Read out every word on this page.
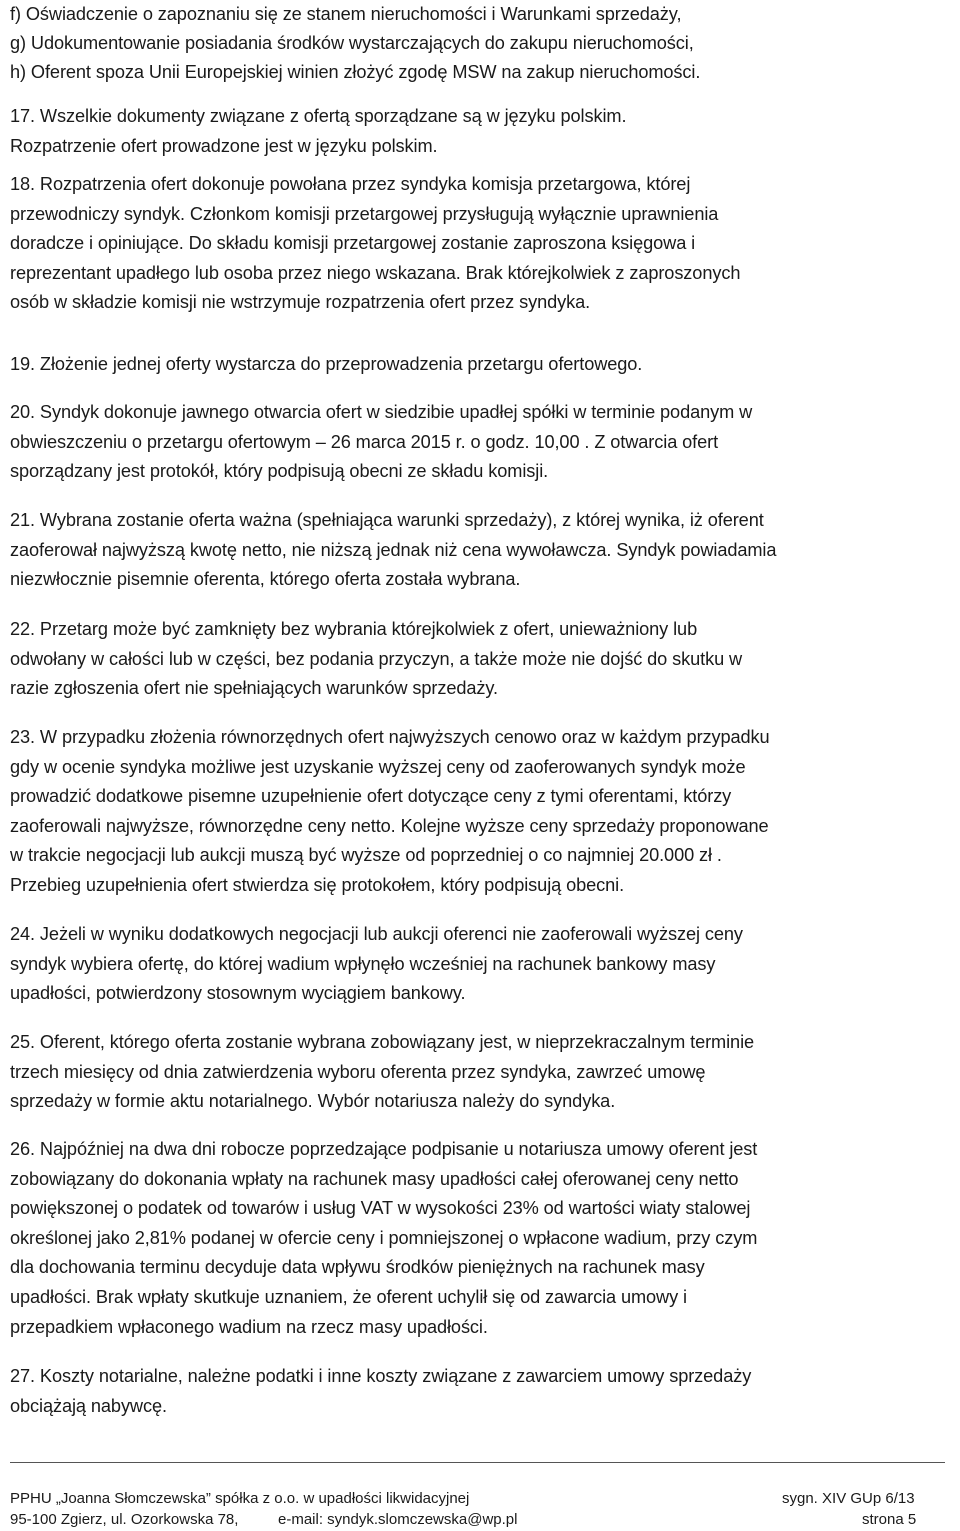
f) Oświadczenie o zapoznaniu się ze stanem nieruchomości i Warunkami sprzedaży,
g) Udokumentowanie posiadania środków wystarczających do zakupu nieruchomości,
h) Oferent spoza Unii Europejskiej winien złożyć zgodę MSW na zakup nieruchomości.
17. Wszelkie dokumenty związane z ofertą sporządzane są w języku polskim.
Rozpatrzenie ofert prowadzone jest w języku polskim.
18. Rozpatrzenia ofert dokonuje powołana przez syndyka komisja przetargowa, której
przewodniczy syndyk. Członkom komisji przetargowej przysługują wyłącznie uprawnienia
doradcze i opiniujące. Do składu komisji przetargowej zostanie zaproszona księgowa i
reprezentant upadłego lub osoba przez niego wskazana. Brak którejkolwiek z zaproszonych
osób w składzie komisji nie wstrzymuje rozpatrzenia ofert przez syndyka.
19. Złożenie jednej oferty wystarcza do przeprowadzenia przetargu ofertowego.
20. Syndyk dokonuje jawnego otwarcia ofert w siedzibie upadłej spółki w terminie podanym w
obwieszczeniu o przetargu ofertowym – 26 marca 2015 r. o godz. 10,00 . Z otwarcia ofert
sporządzany jest protokół, który podpisują obecni ze składu komisji.
21. Wybrana zostanie oferta ważna (spełniająca warunki sprzedaży), z której wynika, iż oferent
zaoferował najwyższą kwotę netto, nie niższą jednak niż cena wywoławcza. Syndyk powiadamia
niezwłocznie pisemnie oferenta, którego oferta została wybrana.
22. Przetarg może być zamknięty bez wybrania którejkolwiek z ofert, unieważniony lub
odwołany w całości lub w części, bez podania przyczyn, a także może nie dojść do skutku w
razie zgłoszenia ofert nie spełniających warunków sprzedaży.
23. W przypadku złożenia równorzędnych ofert najwyższych cenowo oraz w każdym przypadku
gdy w ocenie syndyka możliwe jest uzyskanie wyższej ceny od zaoferowanych syndyk może
prowadzić dodatkowe pisemne uzupełnienie ofert dotyczące ceny z tymi oferentami, którzy
zaoferowali najwyższe, równorzędne ceny netto. Kolejne wyższe ceny sprzedaży proponowane
w trakcie negocjacji lub aukcji muszą być wyższe od poprzedniej o co najmniej 20.000 zł .
Przebieg uzupełnienia ofert stwierdza się protokołem, który podpisują obecni.
24. Jeżeli w wyniku dodatkowych negocjacji lub aukcji oferenci nie zaoferowali wyższej ceny
syndyk wybiera ofertę, do której wadium wpłynęło wcześniej na rachunek bankowy masy
upadłości, potwierdzony stosownym wyciągiem bankowy.
25. Oferent, którego oferta zostanie wybrana zobowiązany jest, w nieprzekraczalnym terminie
trzech miesięcy od dnia zatwierdzenia wyboru oferenta przez syndyka, zawrzeć umowę
sprzedaży w formie aktu notarialnego. Wybór notariusza należy do syndyka.
26. Najpóźniej na dwa dni robocze poprzedzające podpisanie u notariusza umowy oferent jest
zobowiązany do dokonania wpłaty na rachunek masy upadłości całej oferowanej ceny netto
powiększonej o podatek od towarów i usług VAT w wysokości 23% od wartości wiaty stalowej
określonej jako 2,81% podanej w ofercie ceny i pomniejszonej o wpłacone wadium, przy czym
dla dochowania terminu decyduje data wpływu środków pieniężnych na rachunek masy
upadłości. Brak wpłaty skutkuje uznaniem, że oferent uchylił się od zawarcia umowy i
przepadkiem wpłaconego wadium na rzecz masy upadłości.
27. Koszty notarialne, należne podatki i inne koszty związane z zawarciem umowy sprzedaży
obciążają nabywcę.
PPHU „Joanna Słomczewska” spółka z o.o. w upadłości likwidacyjnej	sygn. XIV GUp 6/13
95-100 Zgierz, ul. Ozorkowska 78,	e-mail: syndyk.slomczewska@wp.pl	strona 5
